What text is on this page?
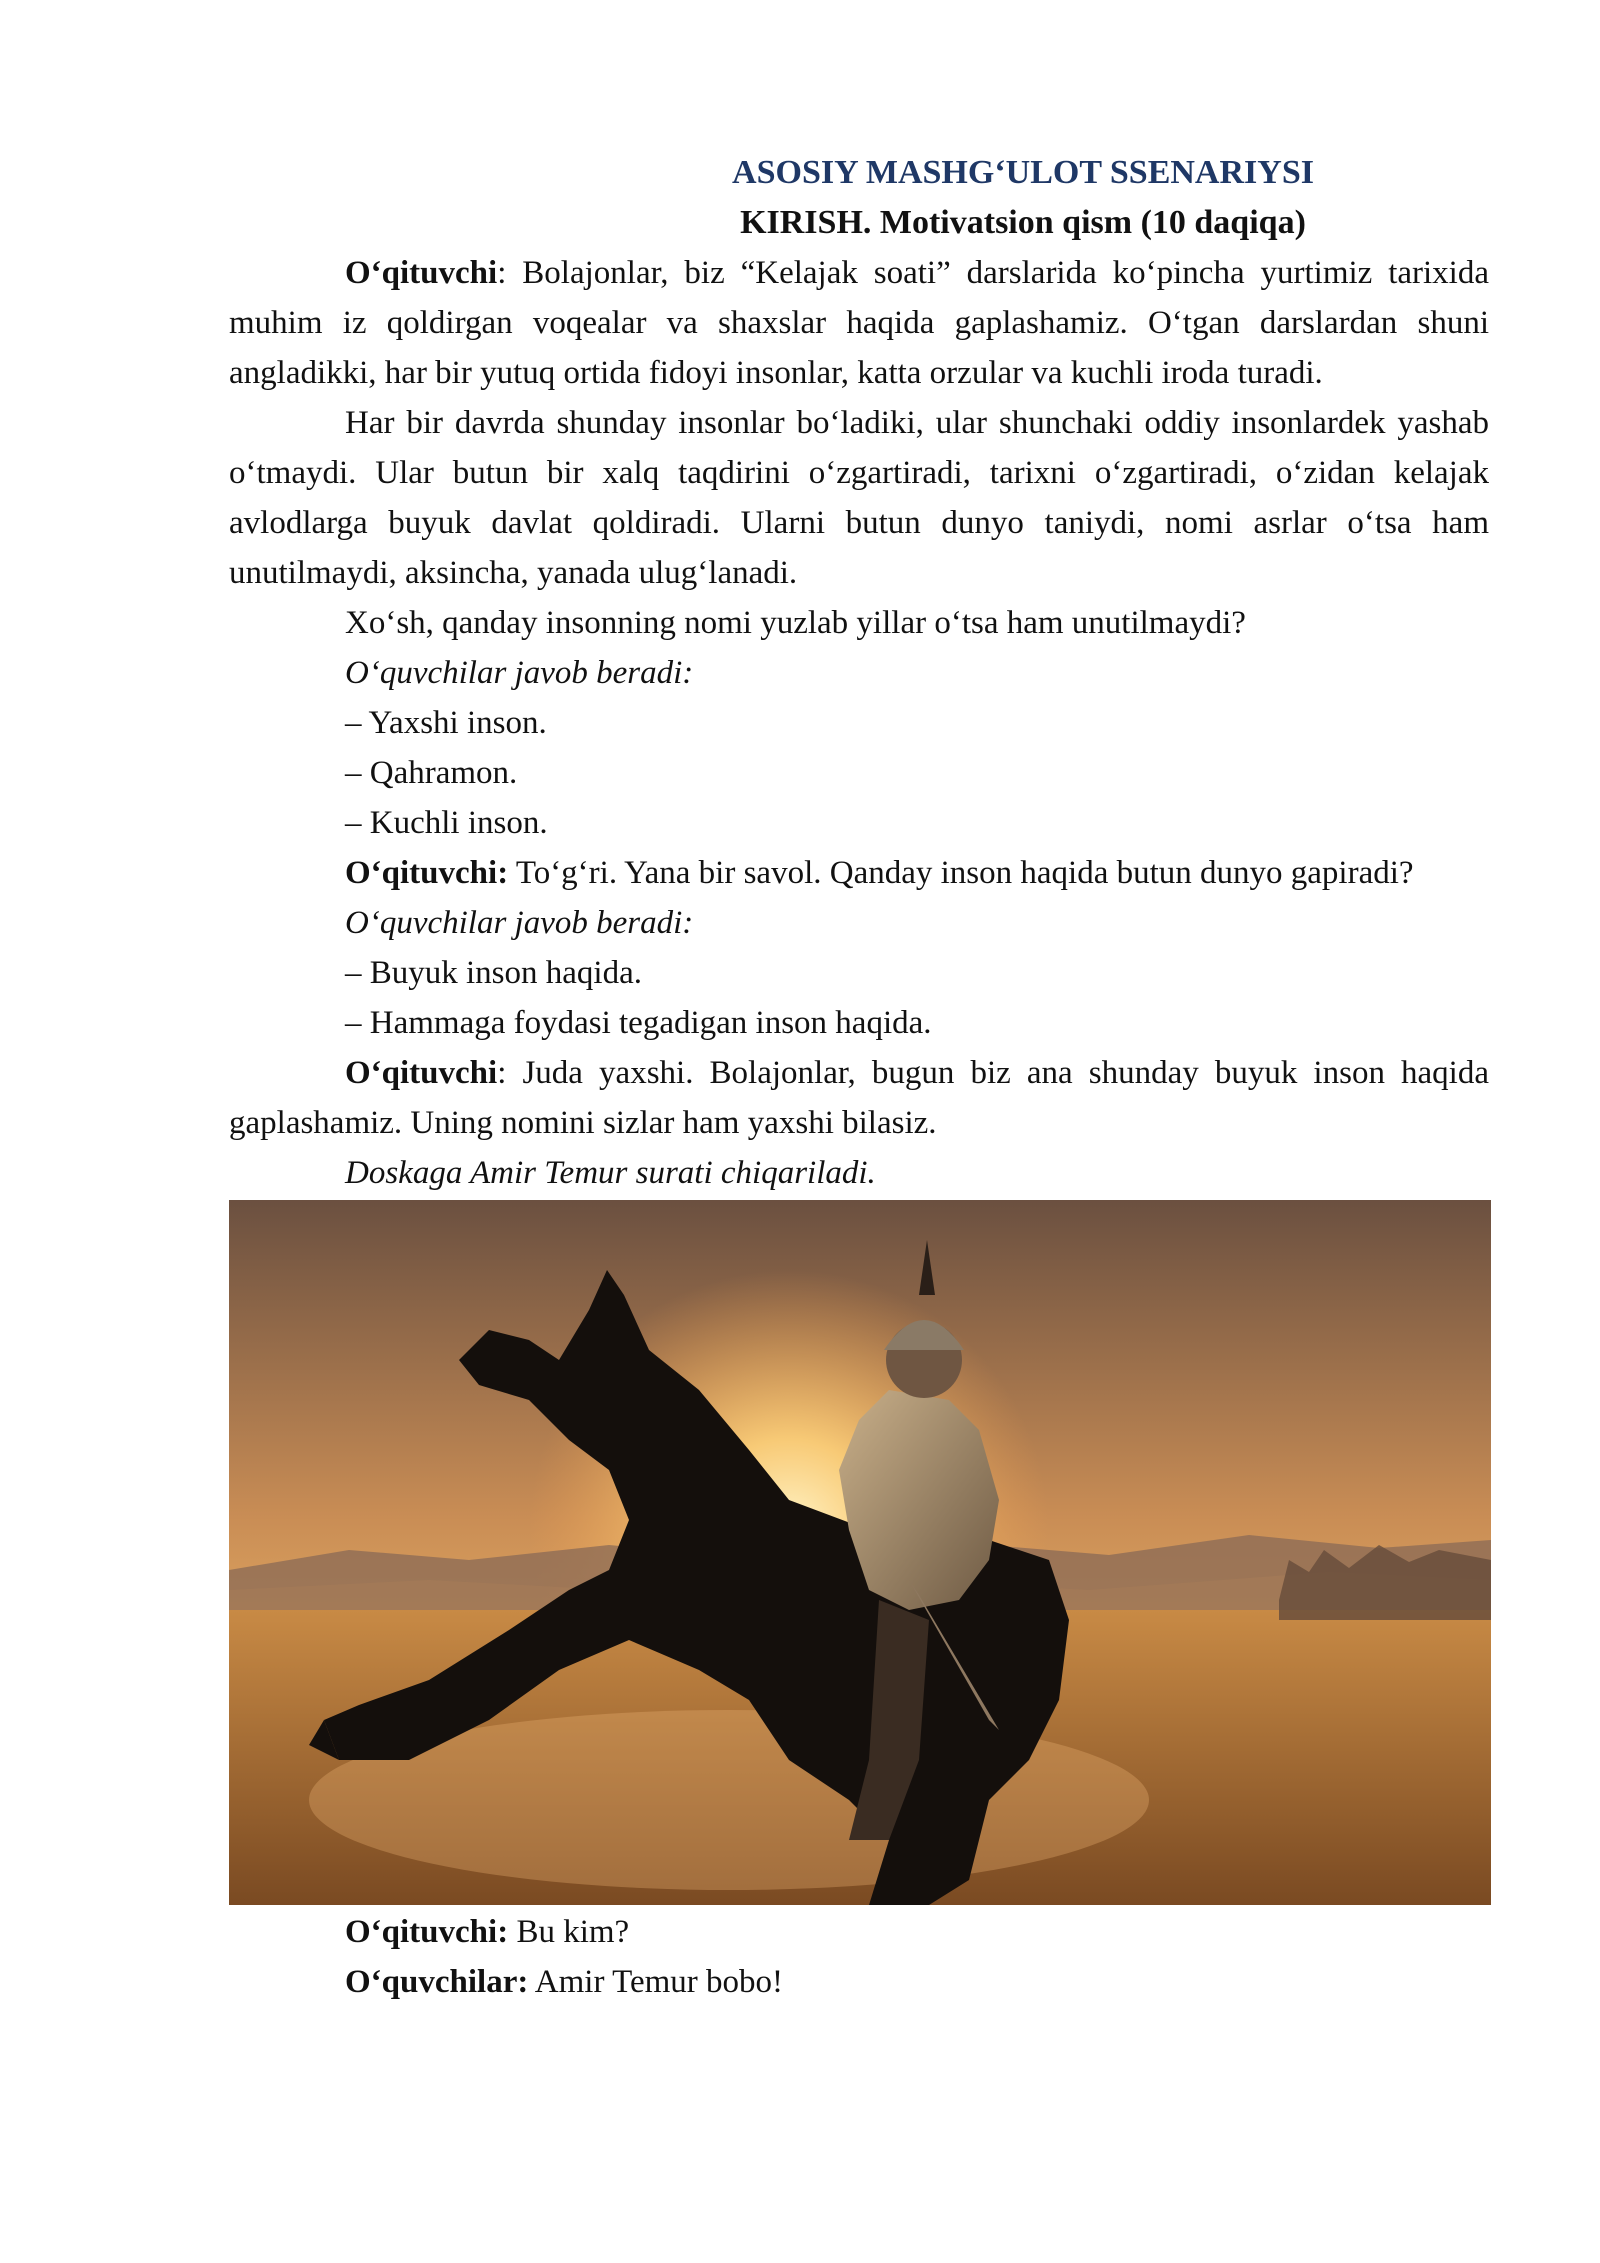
ASOSIY MASHG‘ULOT SSENARIYSI
KIRISH. Motivatsion qism (10 daqiqa)

O‘qituvchi: Bolajonlar, biz “Kelajak soati” darslarida ko‘pincha yurtimiz tarixida muhim iz qoldirgan voqealar va shaxslar haqida gaplashamiz. O‘tgan darslardan shuni angladikki, har bir yutuq ortida fidoyi insonlar, katta orzular va kuchli iroda turadi.

Har bir davrda shunday insonlar bo‘ladiki, ular shunchaki oddiy insonlardek yashab o‘tmaydi. Ular butun bir xalq taqdirini o‘zgartiradi, tarixni o‘zgartiradi, o‘zidan kelajak avlodlarga buyuk davlat qoldiradi. Ularni butun dunyo taniydi, nomi asrlar o‘tsa ham unutilmaydi, aksincha, yanada ulug‘lanadi.

Xo‘sh, qanday insonning nomi yuzlab yillar o‘tsa ham unutilmaydi?

O‘quvchilar javob beradi:

– Yaxshi inson.

– Qahramon.

– Kuchli inson.

O‘qituvchi: To‘g‘ri. Yana bir savol. Qanday inson haqida butun dunyo gapiradi?

O‘quvchilar javob beradi:

– Buyuk inson haqida.

– Hammaga foydasi tegadigan inson haqida.

O‘qituvchi: Juda yaxshi. Bolajonlar, bugun biz ana shunday buyuk inson haqida gaplashamiz. Uning nomini sizlar ham yaxshi bilasiz.

Doskaga Amir Temur surati chiqariladi.

O‘qituvchi: Bu kim?

O‘quvchilar: Amir Temur bobo!
